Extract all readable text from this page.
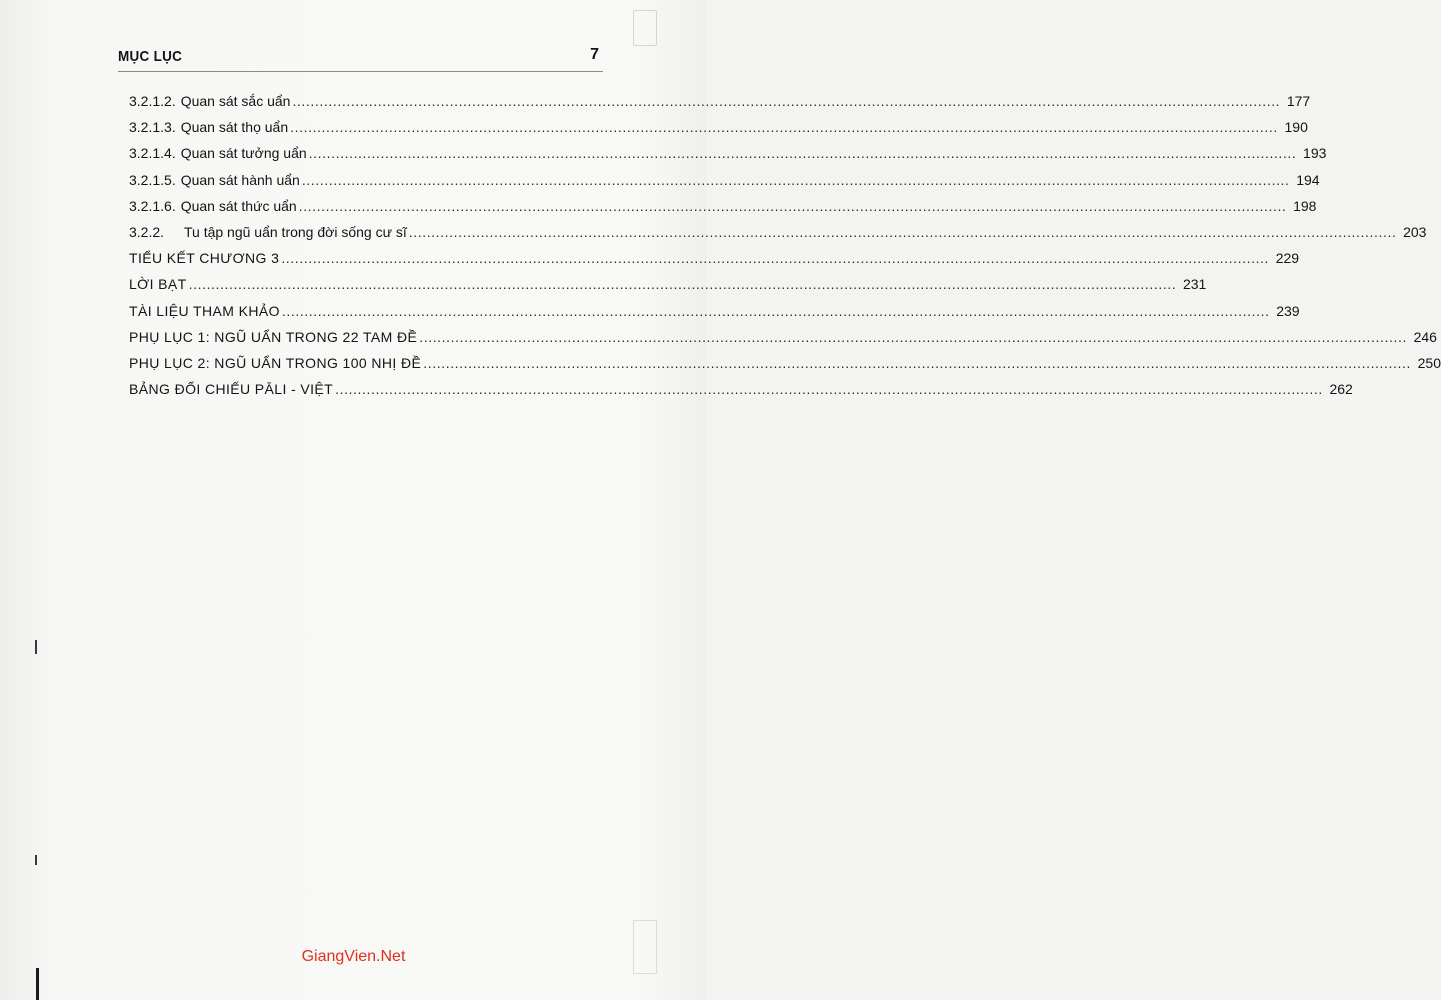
MỤC LỤC	7
3.2.1.2. Quan sát sắc uẩn ............................................................................................................................................................................................................................ 177
3.2.1.3. Quan sát thọ uẩn ............................................................................................................................................................................................................................ 190
3.2.1.4. Quan sát tưởng uẩn ............................................................................................................................................................................................................................ 193
3.2.1.5. Quan sát hành uẩn ............................................................................................................................................................................................................................ 194
3.2.1.6. Quan sát thức uẩn ............................................................................................................................................................................................................................ 198
3.2.2.	Tu tập ngũ uẩn trong đời sống cư sĩ ............................................................................................................................................................................................................................ 203
TIỂU KẾT CHƯƠNG 3 ............................................................................................................................................................................................................................ 229
LỜI BẠT ............................................................................................................................................................................................................................ 231
TÀI LIỆU THAM KHẢO ............................................................................................................................................................................................................................ 239
PHỤ LỤC 1: NGŨ UẨN TRONG 22 TAM ĐỀ ............................................................................................................................................................................................................................ 246
PHỤ LỤC 2: NGŨ UẨN TRONG 100 NHỊ ĐỀ ............................................................................................................................................................................................................................ 250
BẢNG ĐỐI CHIẾU PĀLI - VIỆT ............................................................................................................................................................................................................................ 262
GiangVien.Net
